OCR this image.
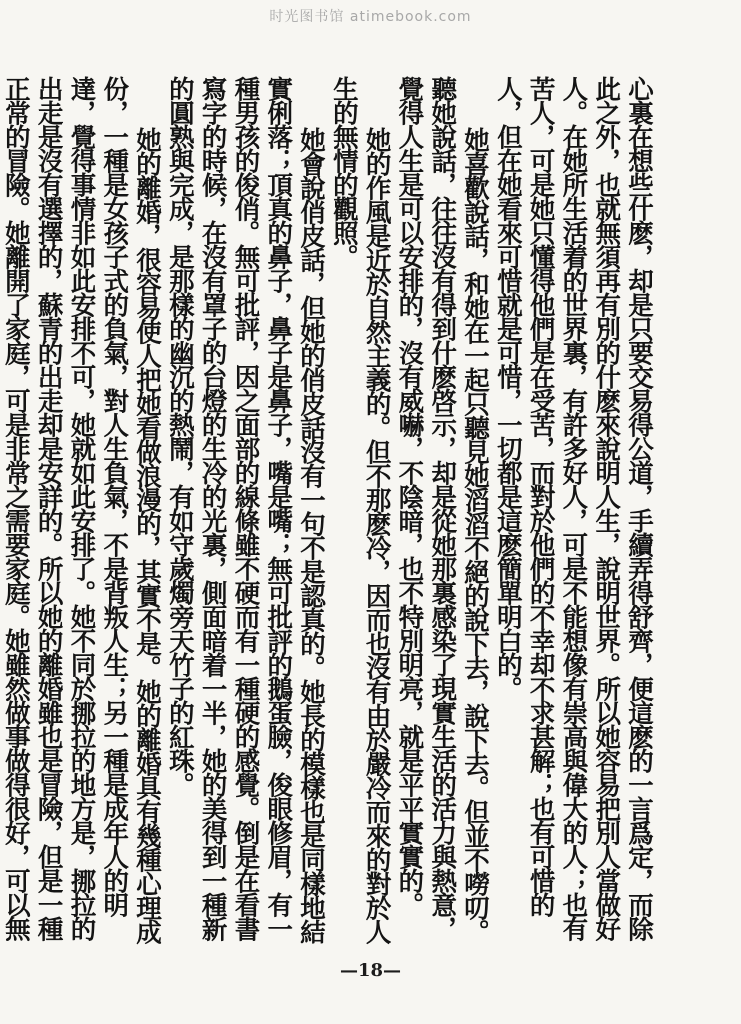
时光图书馆 atimebook.com

心裏在想些什麽，却是只要交易得公道，手續弄得舒齊，便這麽的一言爲定，而除此之外，也就無須再有別的什麽來說明人生，說明世界。所以她容易把別人當做好人。在她所生活着的世界裏，有許多好人，可是不能想像有崇高與偉大的人；也有苦人，可是她只懂得他們是在受苦，而對於他們的不幸却不求甚解；也有可惜的人，但在她看來可惜就是可惜，一切都是這麽簡單明白的。

她喜歡說話，和她在一起只聽見她滔滔不絕的說下去，說下去。但並不嘮叨。聽她說話，往往沒有得到什麽啓示，却是從她那裏感染了現實生活的活力與熱意，覺得人生是可以安排的，沒有威嚇，不陰暗，也不特別明亮，就是平平實實的。

她的作風是近於自然主義的。但不那麽冷，因而也沒有由於嚴冷而來的對於人生的無情的觀照。

她會說俏皮話，但她的俏皮話沒有一句不是認真的。她長的模樣也是同樣地結實俐落；頂真的鼻子，鼻子是鼻子，嘴是嘴；無可批評的鵝蛋臉，俊眼修眉，有一種男孩的俊俏。無可批評，因之面部的線條雖不硬而有一種硬的感覺。倒是在看書寫字的時候，在沒有罩子的台燈的生冷的光裏，側面暗着一半，她的美得到一種新的圓熟與完成，是那樣的幽沉的熱鬧，有如守歲燭旁天竹子的紅珠。

她的離婚，很容易使人把她看做浪漫的，其實不是。她的離婚具有幾種心理成份，一種是女孩子式的負氣，對人生負氣，不是背叛人生；另一種是成年人的明達，覺得事情非如此安排不可，她就如此安排了。她不同於挪拉的地方是，挪拉的出走是沒有選擇的，蘇青的出走却是安詳的。所以她的離婚雖也是冒險，但是一種正常的冒險。她離開了家庭，可是非常之需要家庭。她雖然做事做得很好，可以無

—18—
